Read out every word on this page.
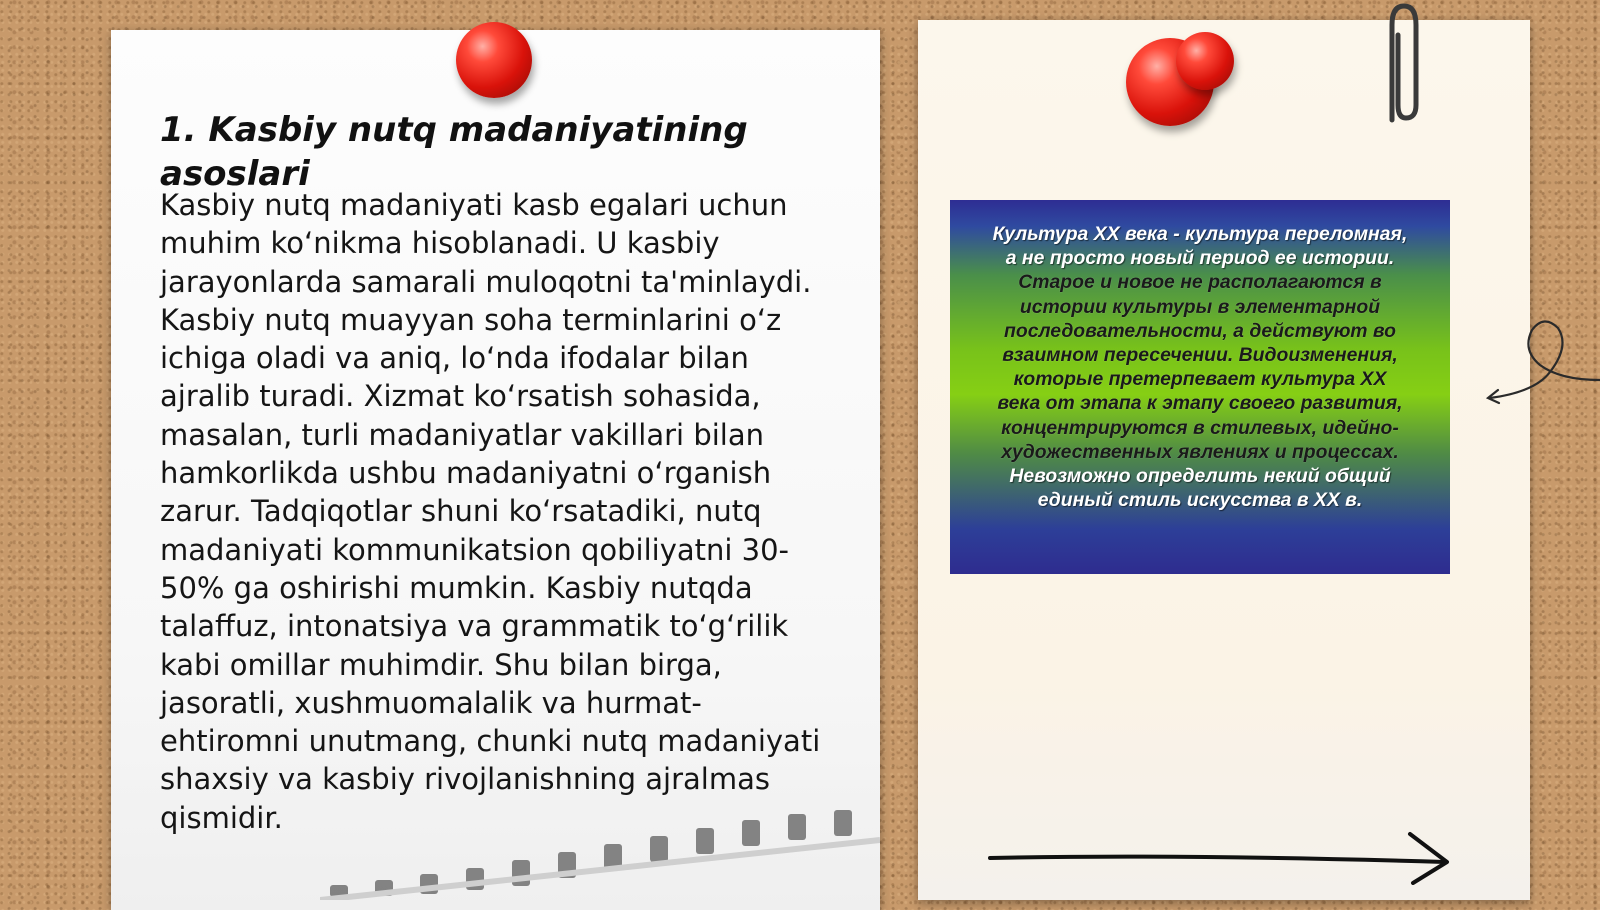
1. Kasbiy nutq madaniyatining asoslari

Kasbiy nutq madaniyati kasb egalari uchun muhim ko‘nikma hisoblanadi. U kasbiy jarayonlarda samarali muloqotni ta'minlaydi. Kasbiy nutq muayyan soha terminlarini o‘z ichiga oladi va aniq, lo‘nda ifodalar bilan ajralib turadi. Xizmat ko‘rsatish sohasida, masalan, turli madaniyatlar vakillari bilan hamkorlikda ushbu madaniyatni o‘rganish zarur. Tadqiqotlar shuni ko‘rsatadiki, nutq madaniyati kommunikatsion qobiliyatni 30-50% ga oshirishi mumkin. Kasbiy nutqda talaffuz, intonatsiya va grammatik to‘g‘rilik kabi omillar muhimdir. Shu bilan birga, jasoratli, xushmuomalalik va hurmat-ehtiromni unutmang, chunki nutq madaniyati shaxsiy va kasbiy rivojlanishning ajralmas qismidir.

Культура XX века - культура переломная,
а не просто новый период ее истории.
Старое и новое не располагаются в
истории культуры в элементарной
последовательности, а действуют во
взаимном пересечении. Видоизменения,
которые претерпевает культура XX
века от этапа к этапу своего развития,
концентрируются в стилевых, идейно-
художественных явлениях и процессах.
Невозможно определить некий общий
единый стиль искусства в XX в.
